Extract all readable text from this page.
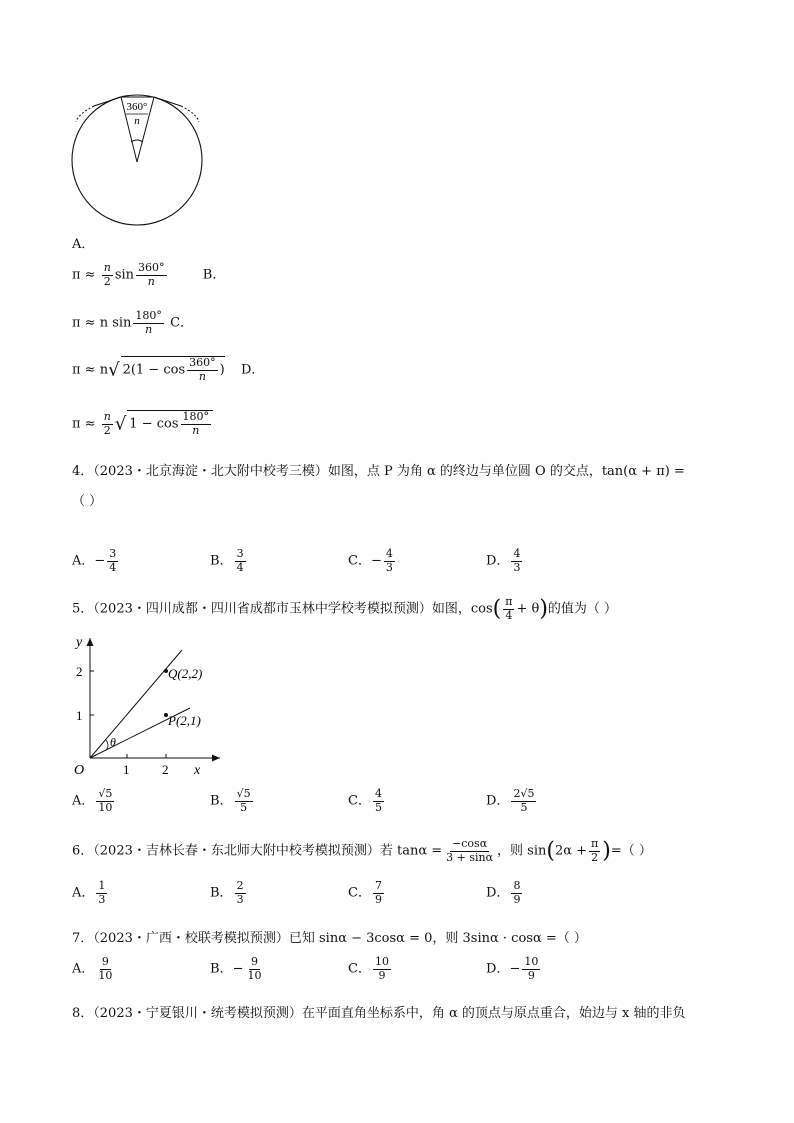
360°
n
A．
$\pi \approx \frac{n}{2}$ $\sin \frac{360^\circ}{n}$	B．
π ≈ n $\sin \frac{180^\circ}{n}$ C．
π ≈ n√ $2(1 - \cos \frac{360^\circ}{n}$ ) D．
$\pi \approx \frac{n}{2}$ √ $1 - \cos \frac{180^\circ}{n}$
4．（2023・北京海淀・北大附中校考三模）如图，点 P 为角 α 的终边与单位圆 O 的交点，tan(α + π) =
（ ）
A．− $\frac{3}{4}$	B． $\frac{3}{4}$	C．− $\frac{4}{3}$	D． $\frac{4}{3}$
5．（2023・四川成都・四川省成都市玉林中学校考模拟预测）如图，$\cos( \frac{\pi}{4} + \theta)$的值为（ ）
y
x
O
2
1
1	2
Q(2,2)
P(2,1)
θ
A． $\frac{√5}{10}$	B． $\frac{√5}{5}$	C． $\frac{4}{5}$	D． $\frac{2√5}{5}$
6．（2023・吉林长春・东北师大附中校考模拟预测）若 $\tan\alpha = \frac{-\cos\alpha}{3 + \sin\alpha}$ ，则 $\sin(2\alpha + \frac{\pi}{2}$ )=（ ）
A． $\frac{1}{3}$	B． $\frac{2}{3}$	C． $\frac{7}{9}$	D． $\frac{8}{9}$
7．（2023・广西・校联考模拟预测）已知 sinα − 3cosα = 0，则 3sinα · cosα =（ ）
A． $\frac{9}{10}$	B．− $\frac{9}{10}$	C． $\frac{10}{9}$	D．− $\frac{10}{9}$
8．（2023・宁夏银川・统考模拟预测）在平面直角坐标系中，角 α 的顶点与原点重合，始边与 x 轴的非负
